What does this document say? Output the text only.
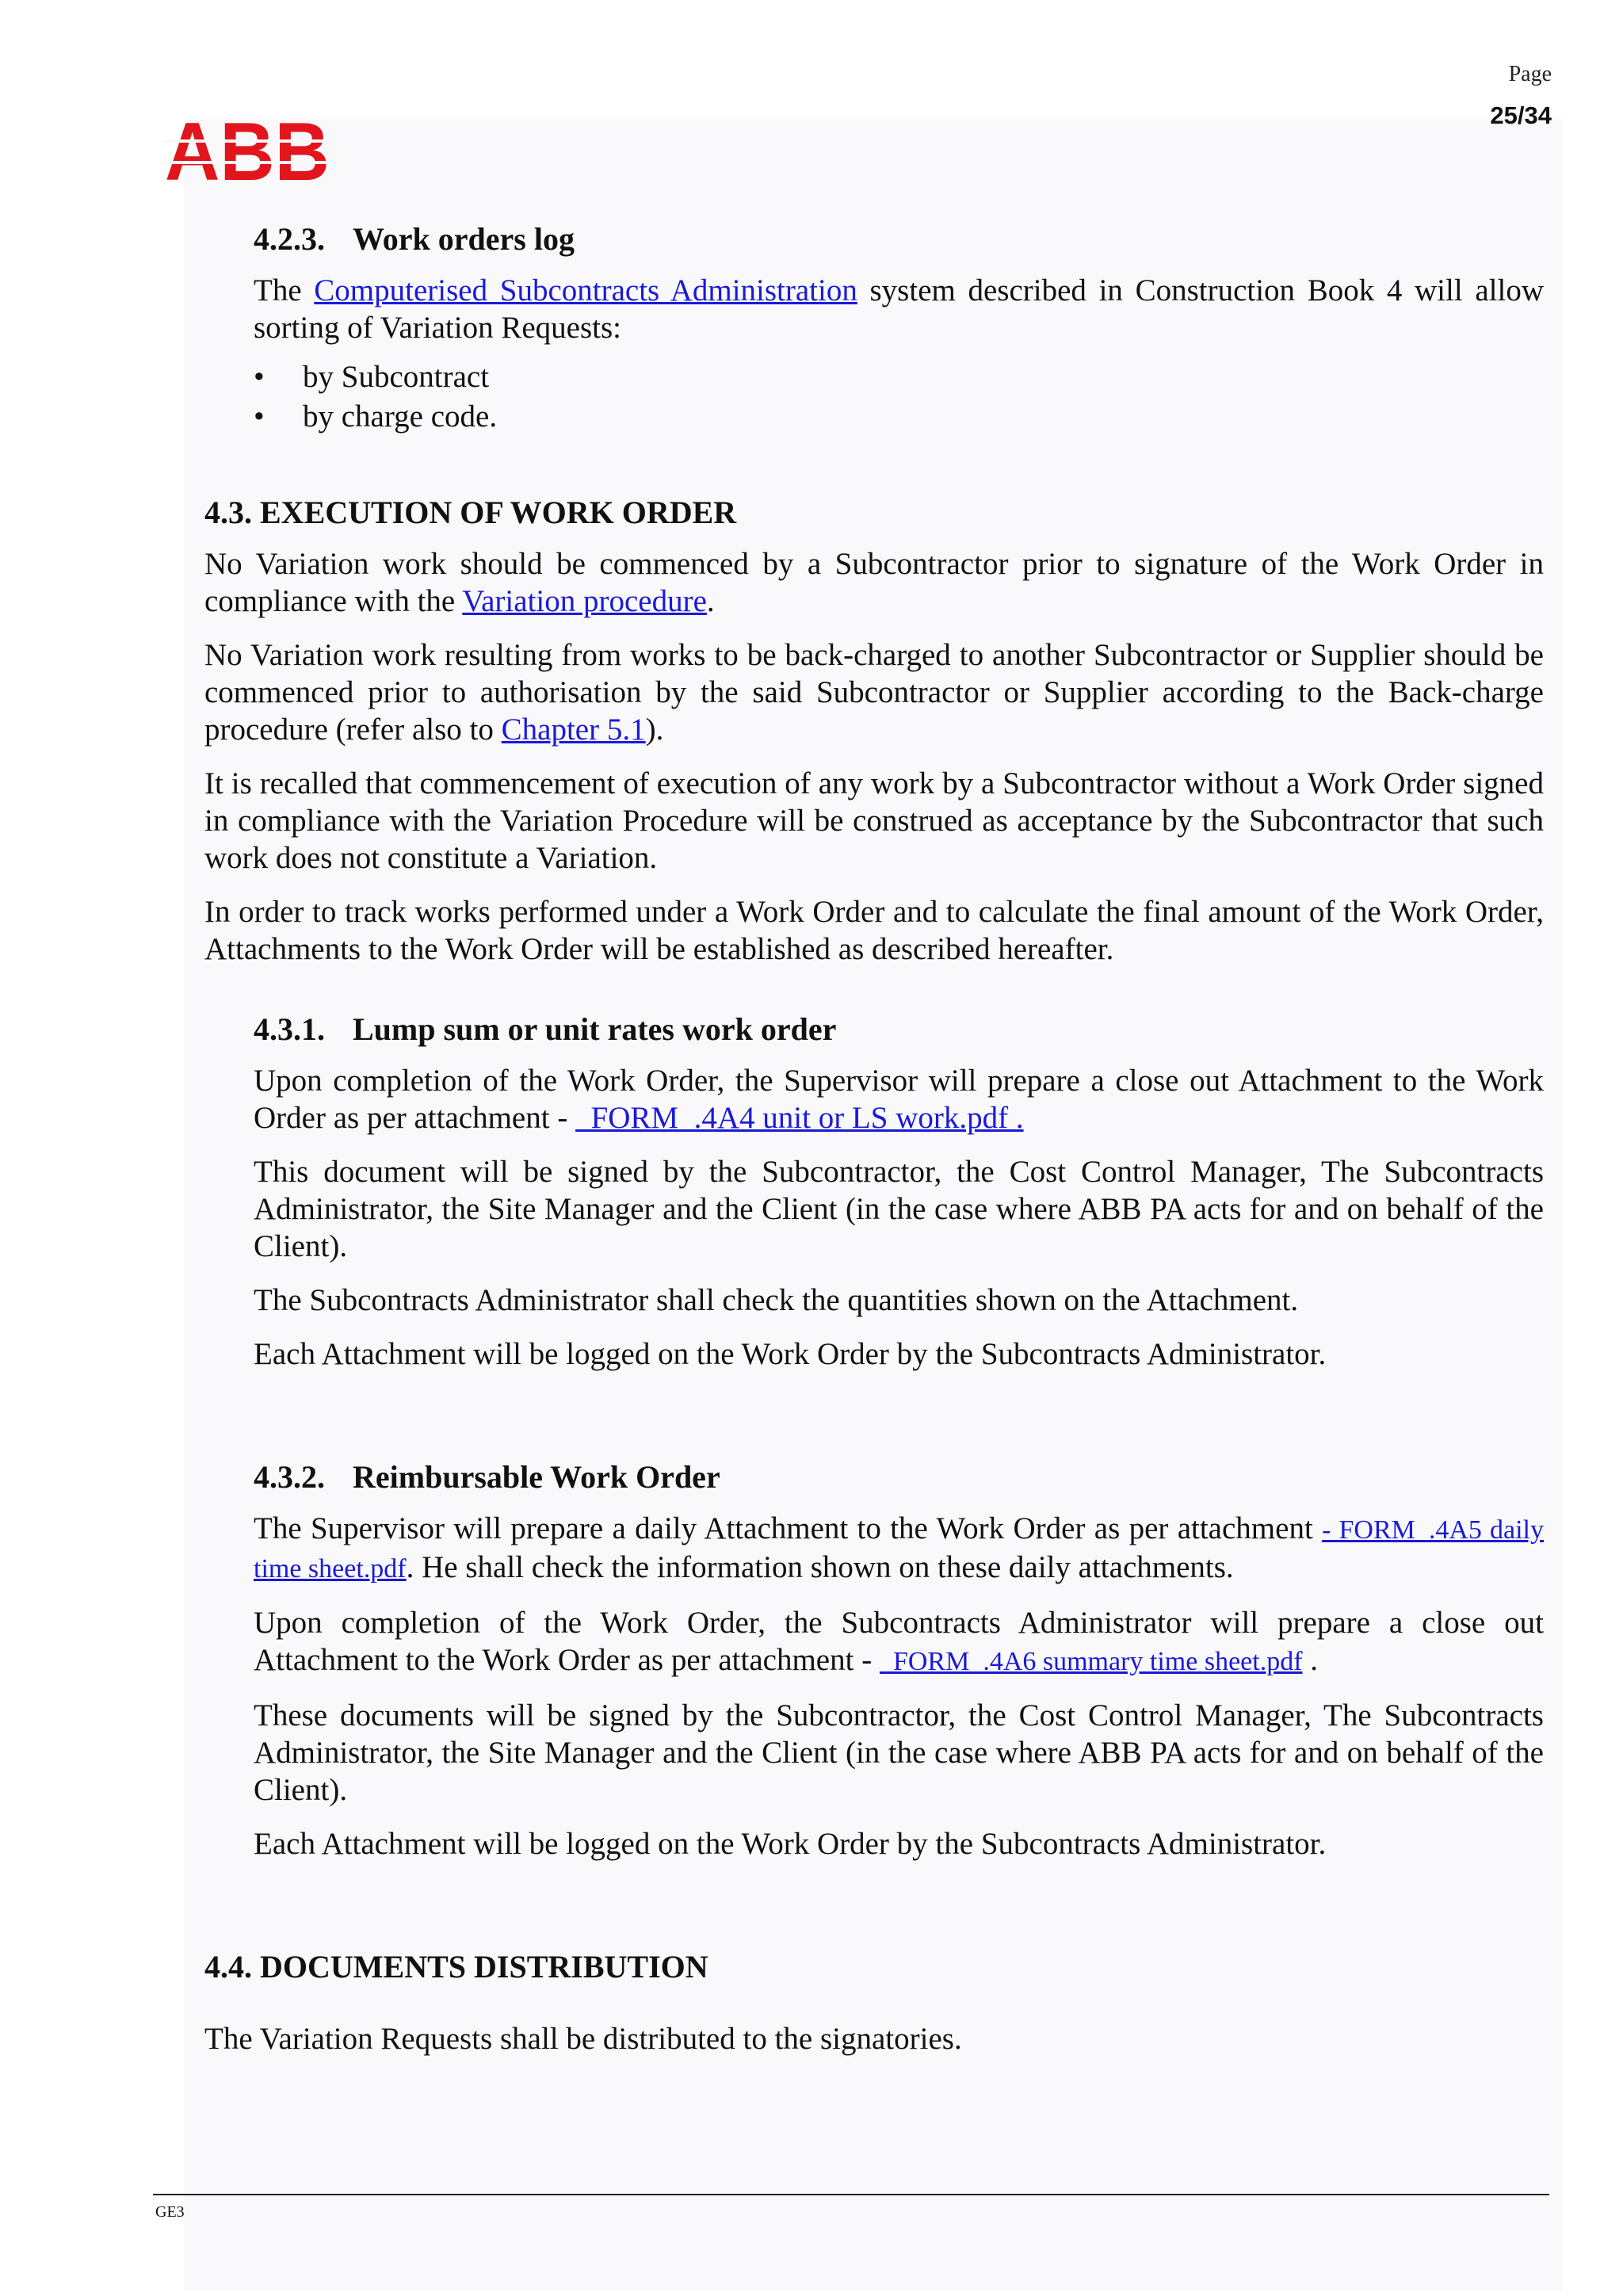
Page
25/34
ABB
4.2.3. Work orders log

The Computerised Subcontracts Administration system described in Construction Book 4 will allow sorting of Variation Requests:

• by Subcontract
• by charge code.
4.3. EXECUTION OF WORK ORDER

No Variation work should be commenced by a Subcontractor prior to signature of the Work Order in compliance with the Variation procedure.

No Variation work resulting from works to be back-charged to another Subcontractor or Supplier should be commenced prior to authorisation by the said Subcontractor or Supplier according to the Back-charge procedure (refer also to Chapter 5.1).

It is recalled that commencement of execution of any work by a Subcontractor without a Work Order signed in compliance with the Variation Procedure will be construed as acceptance by the Subcontractor that such work does not constitute a Variation.

In order to track works performed under a Work Order and to calculate the final amount of the Work Order, Attachments to the Work Order will be established as described hereafter.

4.3.1. Lump sum or unit rates work order

Upon completion of the Work Order, the Supervisor will prepare a close out Attachment to the Work Order as per attachment -   FORM_.4A4 unit or LS work.pdf .

This document will be signed by the Subcontractor, the Cost Control Manager, The Subcontracts Administrator, the Site Manager and the Client (in the case where ABB PA acts for and on behalf of the Client).

The Subcontracts Administrator shall check the quantities shown on the Attachment.

Each Attachment will be logged on the Work Order by the Subcontracts Administrator.

4.3.2. Reimbursable Work Order

The Supervisor will prepare a daily Attachment to the Work Order as per attachment - FORM_.4A5 daily time sheet.pdf. He shall check the information shown on these daily attachments.

Upon completion of the Work Order, the Subcontracts Administrator will prepare a close out Attachment to the Work Order as per attachment -   FORM_.4A6 summary time sheet.pdf .

These documents will be signed by the Subcontractor, the Cost Control Manager, The Subcontracts Administrator, the Site Manager and the Client (in the case where ABB PA acts for and on behalf of the Client).

Each Attachment will be logged on the Work Order by the Subcontracts Administrator.

4.4. DOCUMENTS DISTRIBUTION

The Variation Requests shall be distributed to the signatories.

GE3
